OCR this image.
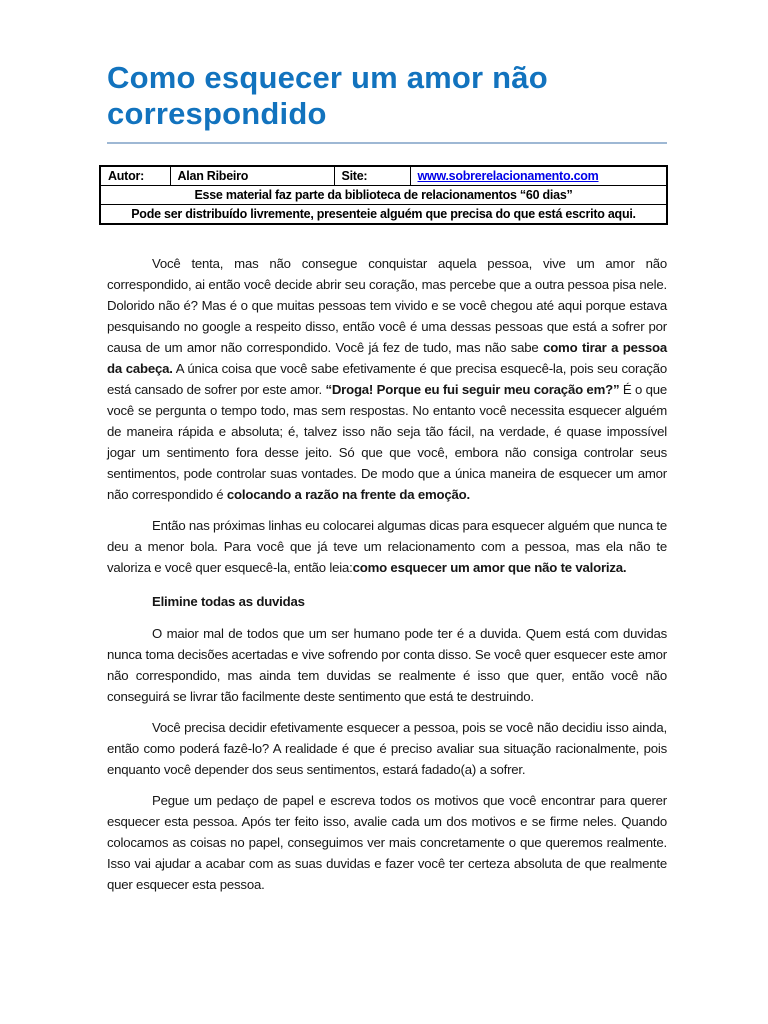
Como esquecer um amor não correspondido
Autor:	Alan Ribeiro	Site:	www.sobrerelacionamento.com
Esse material faz parte da biblioteca de relacionamentos “60 dias”
Pode ser distribuído livremente, presenteie alguém que precisa do que está escrito aqui.

Você tenta, mas não consegue conquistar aquela pessoa, vive um amor não correspondido, ai então você decide abrir seu coração, mas percebe que a outra pessoa pisa nele. Dolorido não é? Mas é o que muitas pessoas tem vivido e se você chegou até aqui porque estava pesquisando no google a respeito disso, então você é uma dessas pessoas que está a sofrer por causa de um amor não correspondido. Você já fez de tudo, mas não sabe como tirar a pessoa da cabeça. A única coisa que você sabe efetivamente é que precisa esquecê-la, pois seu coração está cansado de sofrer por este amor. “Droga! Porque eu fui seguir meu coração em?” É o que você se pergunta o tempo todo, mas sem respostas. No entanto você necessita esquecer alguém de maneira rápida e absoluta; é, talvez isso não seja tão fácil, na verdade, é quase impossível jogar um sentimento fora desse jeito. Só que que você, embora não consiga controlar seus sentimentos, pode controlar suas vontades. De modo que a única maneira de esquecer um amor não correspondido é colocando a razão na frente da emoção.

Então nas próximas linhas eu colocarei algumas dicas para esquecer alguém que nunca te deu a menor bola. Para você que já teve um relacionamento com a pessoa, mas ela não te valoriza e você quer esquecê-la, então leia:como esquecer um amor que não te valoriza.

Elimine todas as duvidas

O maior mal de todos que um ser humano pode ter é a duvida. Quem está com duvidas nunca toma decisões acertadas e vive sofrendo por conta disso. Se você quer esquecer este amor não correspondido, mas ainda tem duvidas se realmente é isso que quer, então você não conseguirá se livrar tão facilmente deste sentimento que está te destruindo.

Você precisa decidir efetivamente esquecer a pessoa, pois se você não decidiu isso ainda, então como poderá fazê-lo? A realidade é que é preciso avaliar sua situação racionalmente, pois enquanto você depender dos seus sentimentos, estará fadado(a) a sofrer.

Pegue um pedaço de papel e escreva todos os motivos que você encontrar para querer esquecer esta pessoa. Após ter feito isso, avalie cada um dos motivos e se firme neles. Quando colocamos as coisas no papel, conseguimos ver mais concretamente o que queremos realmente. Isso vai ajudar a acabar com as suas duvidas e fazer você ter certeza absoluta de que realmente quer esquecer esta pessoa.
